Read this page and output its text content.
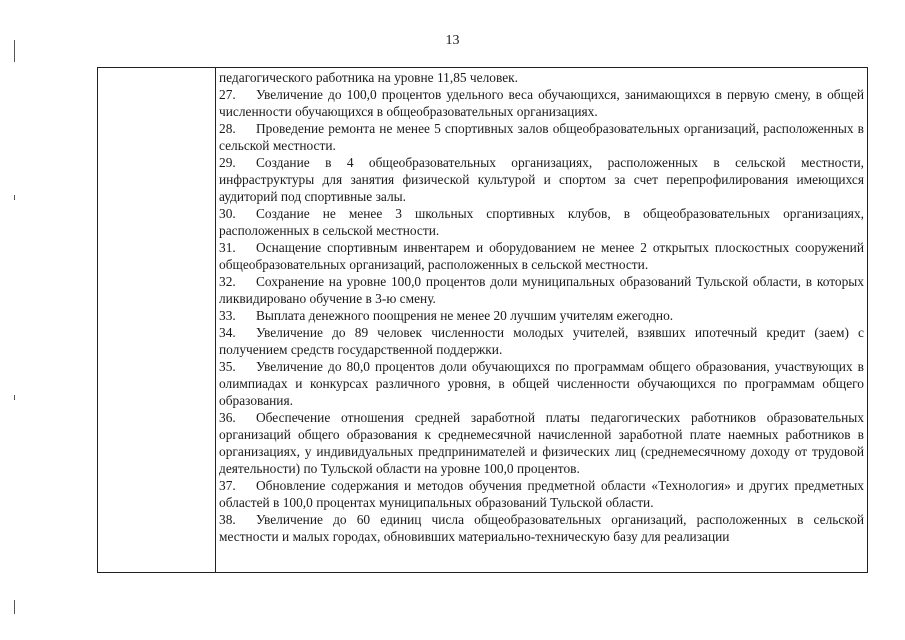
13

педагогического работника на уровне 11,85 человек.

27. Увеличение до 100,0 процентов удельного веса обучающихся, занимающихся в первую смену, в общей численности обучающихся в общеобразовательных организациях.

28. Проведение ремонта не менее 5 спортивных залов общеобразовательных организаций, расположенных в сельской местности.

29. Создание в 4 общеобразовательных организациях, расположенных в сельской местности, инфраструктуры для занятия физической культурой и спортом за счет перепрофилирования имеющихся аудиторий под спортивные залы.

30. Создание не менее 3 школьных спортивных клубов, в общеобразовательных организациях, расположенных в сельской местности.

31. Оснащение спортивным инвентарем и оборудованием не менее 2 открытых плоскостных сооружений общеобразовательных организаций, расположенных в сельской местности.

32. Сохранение на уровне 100,0 процентов доли муниципальных образований Тульской области, в которых ликвидировано обучение в 3-ю смену.

33. Выплата денежного поощрения не менее 20 лучшим учителям ежегодно.

34. Увеличение до 89 человек численности молодых учителей, взявших ипотечный кредит (заем) с получением средств государственной поддержки.

35. Увеличение до 80,0 процентов доли обучающихся по программам общего образования, участвующих в олимпиадах и конкурсах различного уровня, в общей численности обучающихся по программам общего образования.

36. Обеспечение отношения средней заработной платы педагогических работников образовательных организаций общего образования к среднемесячной начисленной заработной плате наемных работников в организациях, у индивидуальных предпринимателей и физических лиц (среднемесячному доходу от трудовой деятельности) по Тульской области на уровне 100,0 процентов.

37. Обновление содержания и методов обучения предметной области «Технология» и других предметных областей в 100,0 процентах муниципальных образований Тульской области.

38. Увеличение до 60 единиц числа общеобразовательных организаций, расположенных в сельской местности и малых городах, обновивших материально-техническую базу для реализации
